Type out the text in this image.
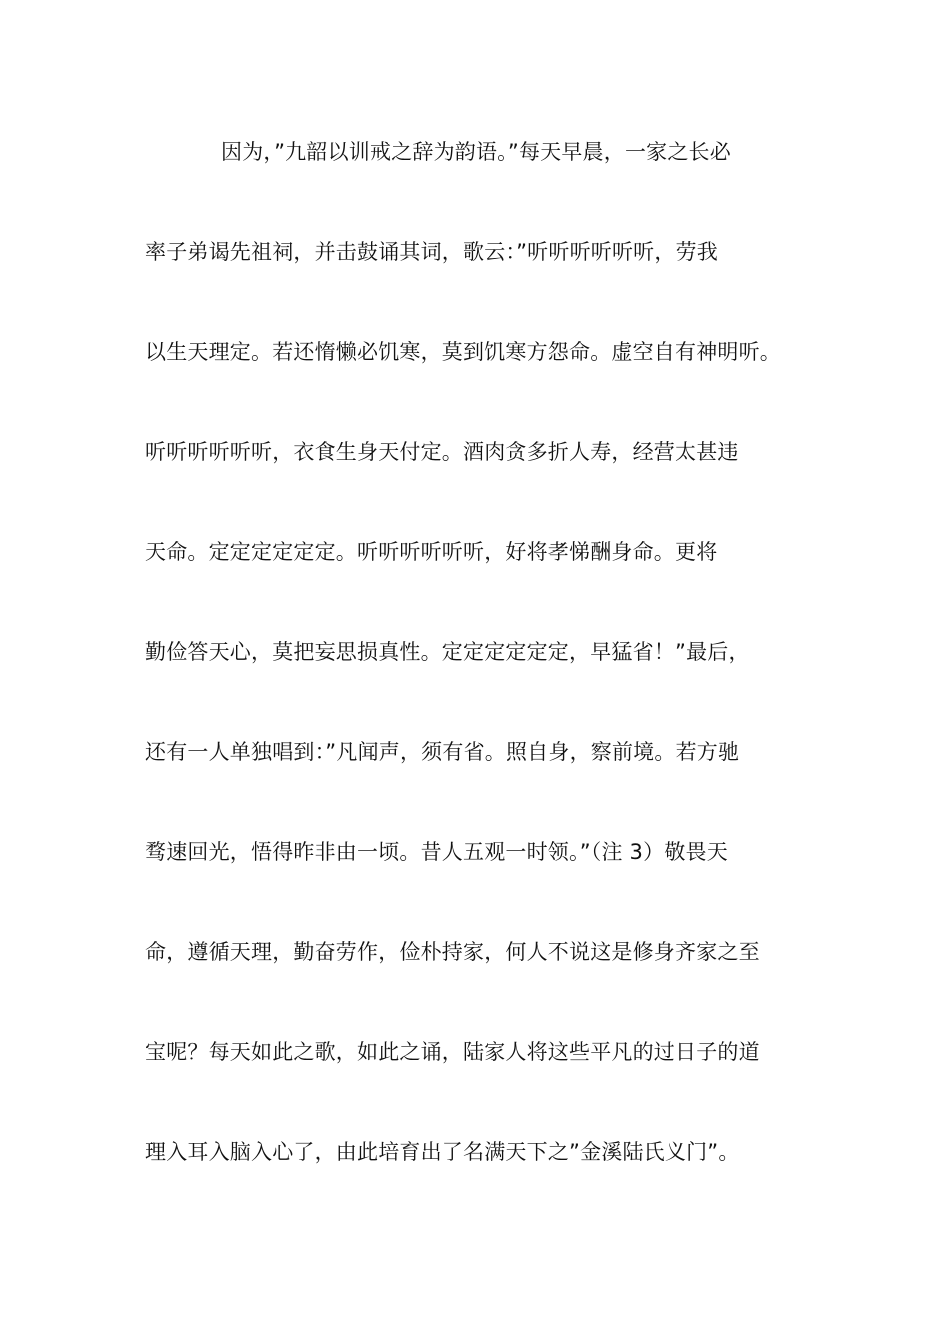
因为，”九韶以训戒之辞为韵语。”每天早晨，一家之长必
率子弟谒先祖祠，并击鼓诵其词，歌云：”听听听听听听，劳我
以生天理定。若还惰懒必饥寒，莫到饥寒方怨命。虚空自有神明听。
听听听听听听，衣食生身天付定。酒肉贪多折人寿，经营太甚违
天命。定定定定定定。听听听听听听，好将孝悌酬身命。更将
勤俭答天心，莫把妄思损真性。定定定定定定，早猛省！”最后，
还有一人单独唱到：”凡闻声，须有省。照自身，察前境。若方驰
骛速回光，悟得昨非由一顷。昔人五观一时领。”（注 3）敬畏天
命，遵循天理，勤奋劳作，俭朴持家，何人不说这是修身齐家之至
宝呢？每天如此之歌，如此之诵，陆家人将这些平凡的过日子的道
理入耳入脑入心了，由此培育出了名满天下之”金溪陆氏义门”。
